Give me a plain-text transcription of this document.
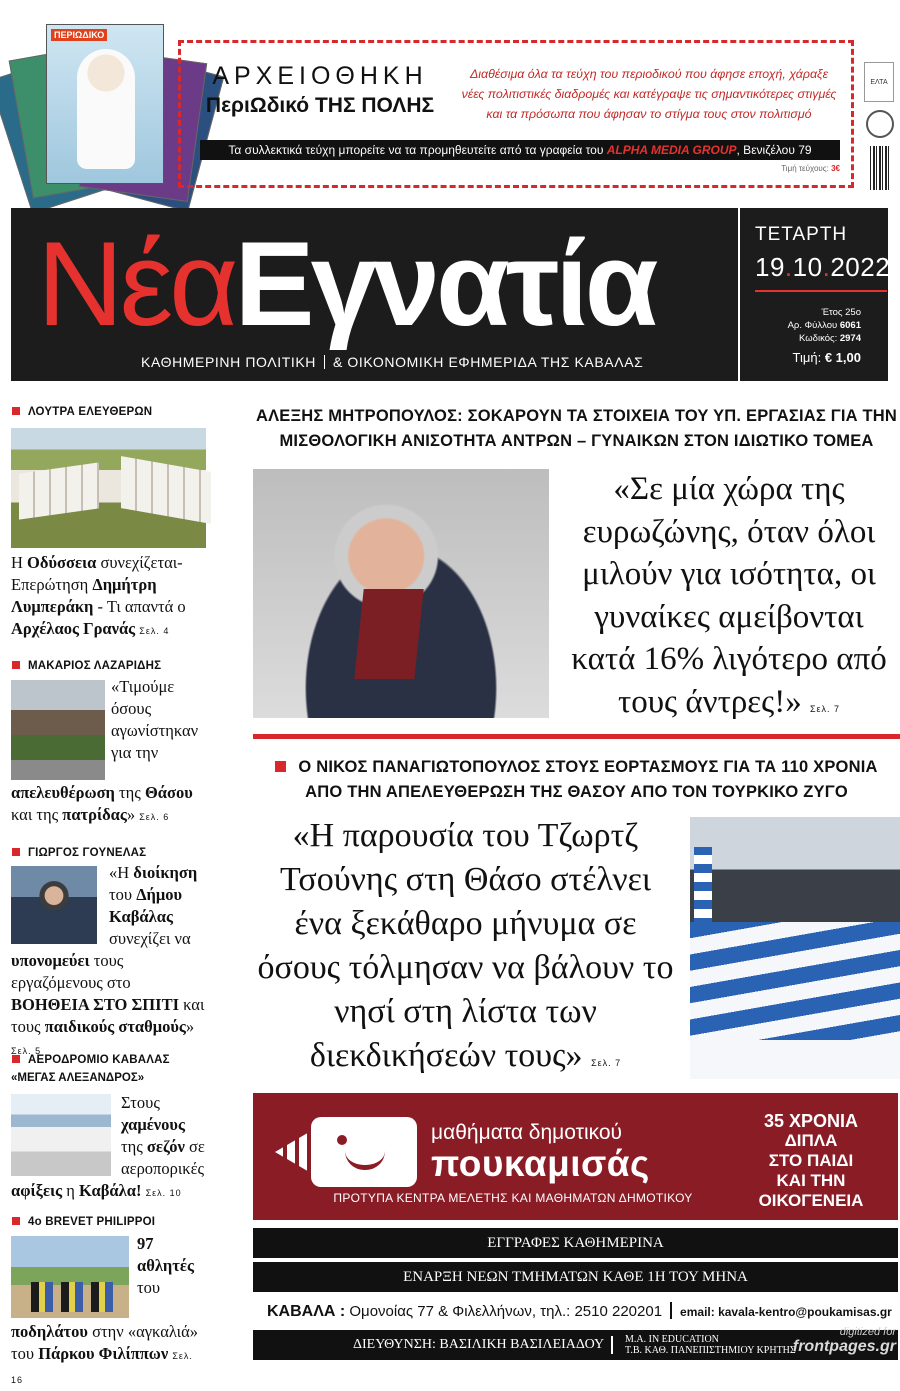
ΠΕΡΙΩΔΙΚΟ
ΑΡΧΕΙΟΘΗΚΗ
ΠεριΩδικό ΤΗΣ ΠΟΛΗΣ
Διαθέσιμα όλα τα τεύχη του περιοδικού που άφησε εποχή, χάραξε νέες πολιτιστικές διαδρομές και κατέγραψε τις σημαντικότερες στιγμές και τα πρόσωπα που άφησαν το στίγμα τους στον πολιτισμό
Τα συλλεκτικά τεύχη μπορείτε να τα προμηθευτείτε από τα γραφεία του ALPHA MEDIA GROUP, Βενιζέλου 79
Τιμή τεύχους: 3€
ΕΛΤΑ
ΝέαΕγνατία
ΚΑΘΗΜΕΡΙΝΗ ΠΟΛΙΤΙΚΗ & ΟΙΚΟΝΟΜΙΚΗ ΕΦΗΜΕΡΙΔΑ ΤΗΣ ΚΑΒΑΛΑΣ
ΤΕΤΑΡΤΗ
19.10.2022
Έτος 25ο
Αρ. Φύλλου 6061
Κωδικός: 2974
Τιμή: € 1,00
ΛΟΥΤΡΑ ΕΛΕΥΘΕΡΩΝ
Η Οδύσσεια συνεχίζεται- Επερώτηση Δημήτρη Λυμπεράκη - Τι απαντά ο Αρχέλαος Γρανάς Σελ. 4
ΜΑΚΑΡΙΟΣ ΛΑΖΑΡΙΔΗΣ
«Τιμούμε όσους αγωνίστηκαν για την απελευθέρωση της Θάσου και της πατρίδας» Σελ. 6
ΓΙΩΡΓΟΣ ΓΟΥΝΕΛΑΣ
«Η διοίκηση του Δήμου Καβάλας συνεχίζει να υπονομεύει τους εργαζόμενους στο ΒΟΗΘΕΙΑ ΣΤΟ ΣΠΙΤΙ και τους παιδικούς σταθμούς» Σελ. 5
ΑΕΡΟΔΡΟΜΙΟ ΚΑΒΑΛΑΣ
«ΜΕΓΑΣ ΑΛΕΞΑΝΔΡΟΣ»
Στους χαμένους της σεζόν σε αεροπορικές αφίξεις η Καβάλα! Σελ. 10
4o BREVET PHILIPPOI
97 αθλητές του ποδηλάτου στην «αγκαλιά» του Πάρκου Φιλίππων Σελ. 16
ΑΛΕΞΗΣ ΜΗΤΡΟΠΟΥΛΟΣ: ΣΟΚΑΡΟΥΝ ΤΑ ΣΤΟΙΧΕΙΑ ΤΟΥ ΥΠ. ΕΡΓΑΣΙΑΣ ΓΙΑ ΤΗΝ
ΜΙΣΘΟΛΟΓΙΚΗ ΑΝΙΣΟΤΗΤΑ ΑΝΤΡΩΝ – ΓΥΝΑΙΚΩΝ ΣΤΟΝ ΙΔΙΩΤΙΚΟ ΤΟΜΕΑ
«Σε μία χώρα της ευρωζώνης, όταν όλοι μιλούν για ισότητα, οι γυναίκες αμείβονται κατά 16% λιγότερο από τους άντρες!» Σελ. 7
Ο ΝΙΚΟΣ ΠΑΝΑΓΙΩΤΟΠΟΥΛΟΣ ΣΤΟΥΣ ΕΟΡΤΑΣΜΟΥΣ ΓΙΑ ΤΑ 110 ΧΡΟΝΙΑ
ΑΠΟ ΤΗΝ ΑΠΕΛΕΥΘΕΡΩΣΗ ΤΗΣ ΘΑΣΟΥ ΑΠΟ ΤΟΝ ΤΟΥΡΚΙΚΟ ΖΥΓΟ
«Η παρουσία του Τζωρτζ Τσούνης στη Θάσο στέλνει ένα ξεκάθαρο μήνυμα σε όσους τόλμησαν να βάλουν το νησί στη λίστα των διεκδικήσεών τους» Σελ. 7
μαθήματα δημοτικού
πουκαμισάς
ΠΡΟΤΥΠΑ ΚΕΝΤΡΑ ΜΕΛΕΤΗΣ ΚΑΙ ΜΑΘΗΜΑΤΩΝ ΔΗΜΟΤΙΚΟΥ
35 ΧΡΟΝΙΑ
ΔΙΠΛΑ
ΣΤΟ ΠΑΙΔΙ
ΚΑΙ ΤΗΝ
ΟΙΚΟΓΕΝΕΙΑ
ΕΓΓΡΑΦΕΣ ΚΑΘΗΜΕΡΙΝΑ
ΕΝΑΡΞΗ ΝΕΩΝ ΤΜΗΜΑΤΩΝ ΚΑΘΕ 1Η ΤΟΥ ΜΗΝΑ
ΚΑΒΑΛΑ : Ομονοίας 77 & Φιλελλήνων, τηλ.: 2510 220201 email: kavala-kentro@poukamisas.gr
ΔΙΕΥΘΥΝΣΗ: ΒΑΣΙΛΙΚΗ ΒΑΣΙΛΕΙΑΔΟΥ Μ.Α. IN EDUCATION
Τ.Β. ΚΑΘ. ΠΑΝΕΠΙΣΤΗΜΙΟΥ ΚΡΗΤΗΣ
digitized for
frontpages.gr
